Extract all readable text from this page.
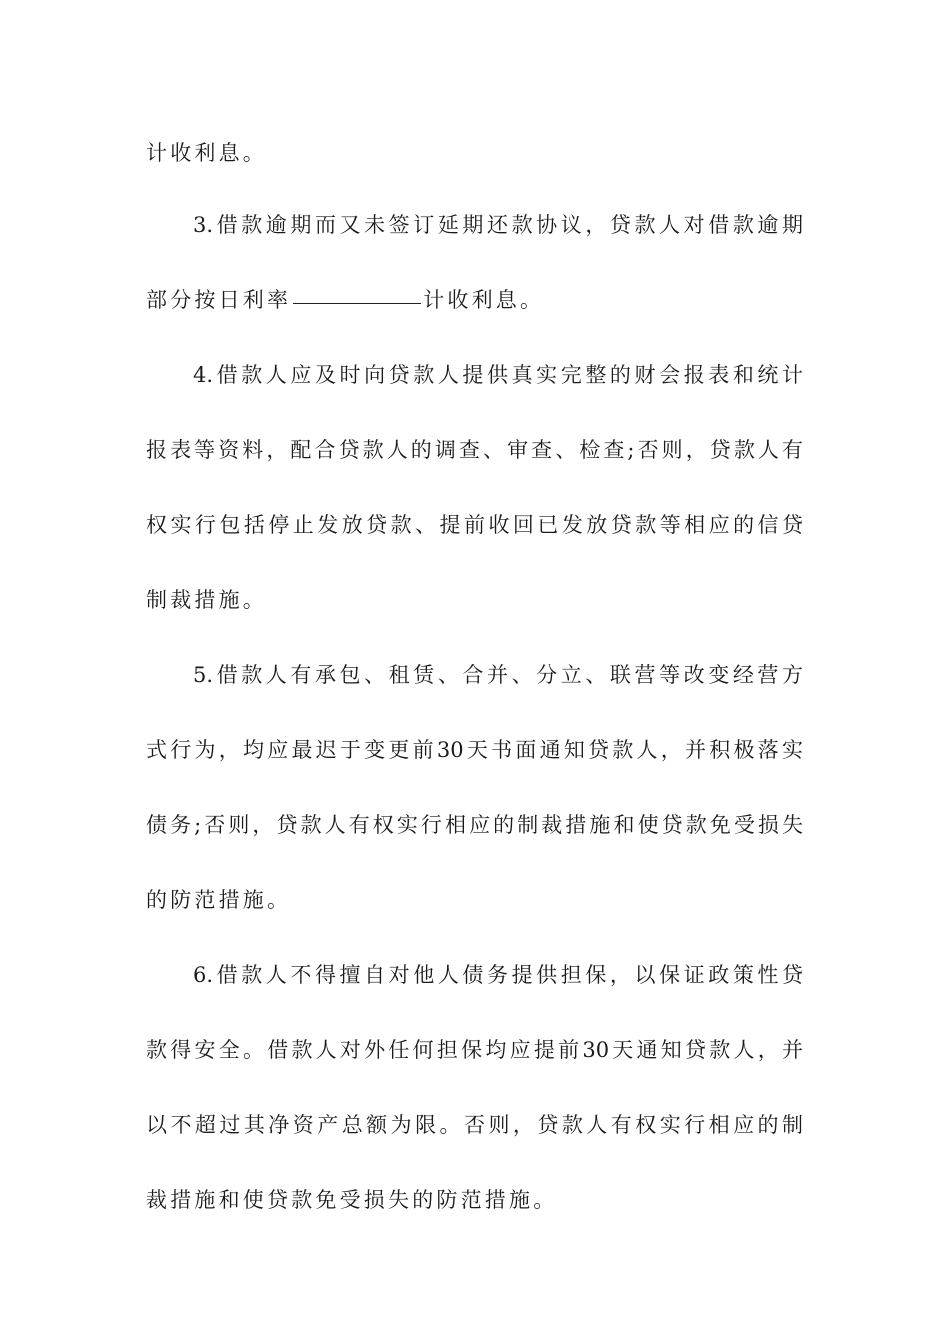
计收利息。
3.借款逾期而又未签订延期还款协议，贷款人对借款逾期
部分按日利率	计收利息。
4.借款人应及时向贷款人提供真实完整的财会报表和统计
报表等资料，配合贷款人的调查、审查、检查;否则，贷款人有
权实行包括停止发放贷款、提前收回已发放贷款等相应的信贷
制裁措施。
5.借款人有承包、租赁、合并、分立、联营等改变经营方
式行为，均应最迟于变更前30天书面通知贷款人，并积极落实
债务;否则，贷款人有权实行相应的制裁措施和使贷款免受损失
的防范措施。
6.借款人不得擅自对他人债务提供担保，以保证政策性贷
款得安全。借款人对外任何担保均应提前30天通知贷款人，并
以不超过其净资产总额为限。否则，贷款人有权实行相应的制
裁措施和使贷款免受损失的防范措施。
